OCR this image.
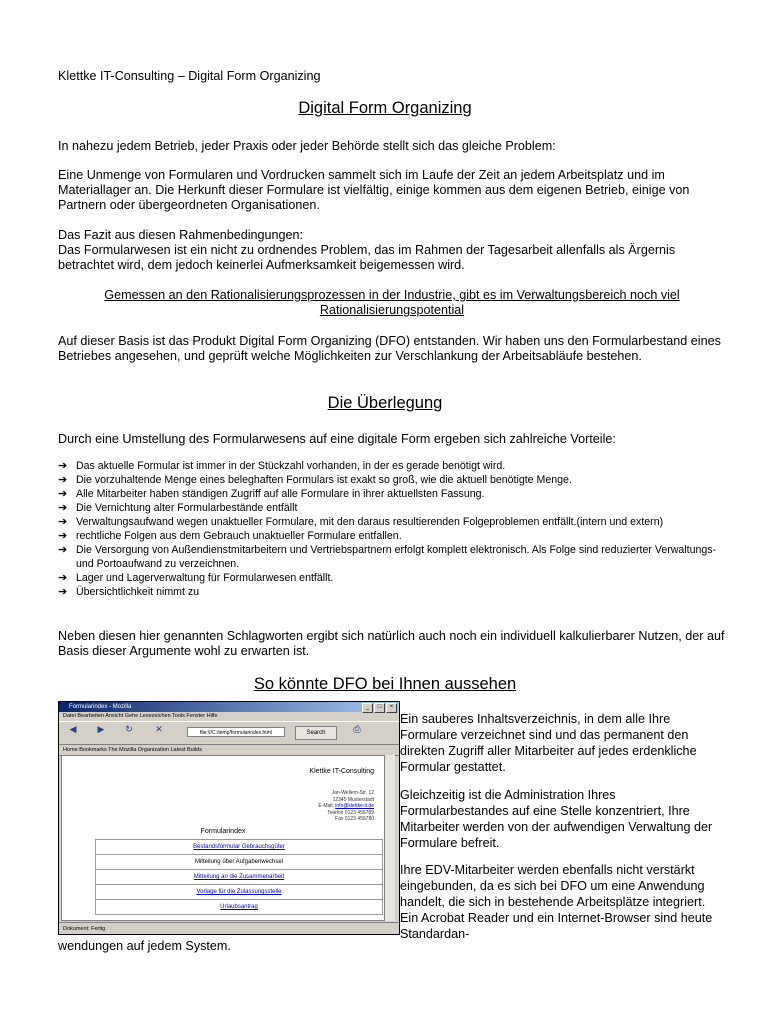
Klettke IT-Consulting – Digital Form Organizing

Digital Form Organizing

In nahezu jedem Betrieb, jeder Praxis oder jeder Behörde stellt sich das gleiche Problem:

Eine Unmenge von Formularen und Vordrucken sammelt sich im Laufe der Zeit an jedem Arbeitsplatz und im Materiallager an. Die Herkunft dieser Formulare ist vielfältig, einige kommen aus dem eigenen Betrieb, einige von Partnern oder übergeordneten Organisationen.

Das Fazit aus diesen Rahmenbedingungen:

Das Formularwesen ist ein nicht zu ordnendes Problem, das im Rahmen der Tagesarbeit allenfalls als Ärgernis betrachtet wird, dem jedoch keinerlei Aufmerksamkeit beigemessen wird.

Gemessen an den Rationalisierungsprozessen in der Industrie, gibt es im Verwaltungsbereich noch viel Rationalisierungspotential

Auf dieser Basis ist das Produkt Digital Form Organizing (DFO) entstanden. Wir haben uns den Formularbestand eines Betriebes angesehen, und geprüft welche Möglichkeiten zur Verschlankung der Arbeitsabläufe bestehen.

Die Überlegung

Durch eine Umstellung des Formularwesens auf eine digitale Form ergeben sich zahlreiche Vorteile:

➔ Das aktuelle Formular ist immer in der Stückzahl vorhanden, in der es gerade benötigt wird.
➔ Die vorzuhaltende Menge eines beleghaften Formulars ist exakt so groß, wie die aktuell benötigte Menge.
➔ Alle Mitarbeiter haben ständigen Zugriff auf alle Formulare in ihrer aktuellsten Fassung.
➔ Die Vernichtung alter Formularbestände entfällt
➔ Verwaltungsaufwand wegen unaktueller Formulare, mit den daraus resultierenden Folgeproblemen entfällt.(intern und extern)
➔ rechtliche Folgen aus dem Gebrauch unaktueller Formulare entfallen.
➔ Die Versorgung von Außendienstmitarbeitern und Vertriebspartnern erfolgt komplett elektronisch. Als Folge sind reduzierter Verwaltungs- und Portoaufwand zu verzeichnen.
➔ Lager und Lagerverwaltung für Formularwesen entfällt.
➔ Übersichtlichkeit nimmt zu

Neben diesen hier genannten Schlagworten ergibt sich natürlich auch noch ein individuell kalkulierbarer Nutzen, der auf Basis dieser Argumente wohl zu erwarten ist.

So könnte DFO bei Ihnen aussehen
Formularindex - Mozilla	_	□	×
Datei Bearbeiten Ansicht Gehe Lesezeichen Tools Fenster Hilfe
◀	▶	↻	✕	file:///C:/temp/formularindex.html	Search	⎙
Home Bookmarks The Mozilla Organization Latest Builds
Klettke IT-Consulting
Jan-Wellem-Str. 12
12345 Musterstadt
E-Mail: info@klettke-it.de
Telefon 0123 456789
Fax 0123 456780
Formularindex
Bestandsformular Gebrauchsgüter
Mitteilung über Aufgabenwechsel
Mitteilung an die Zusammenarbeit
Vorlage für die Zulassungsstelle
Urlaubsantrag
Dokument: Fertig

Ein sauberes Inhaltsverzeichnis, in dem alle Ihre Formulare verzeichnet sind und das permanent den direkten Zugriff aller Mitarbeiter auf jedes erdenkliche Formular gestattet.

Gleichzeitig ist die Administration Ihres Formularbestandes auf eine Stelle konzentriert, Ihre Mitarbeiter werden von der aufwendigen Verwaltung der Formulare befreit.

Ihre EDV-Mitarbeiter werden ebenfalls nicht verstärkt eingebunden, da es sich bei DFO um eine Anwendung handelt, die sich in bestehende Arbeitsplätze integriert. Ein Acrobat Reader und ein Internet-Browser sind heute Standardan-

wendungen auf jedem System.
